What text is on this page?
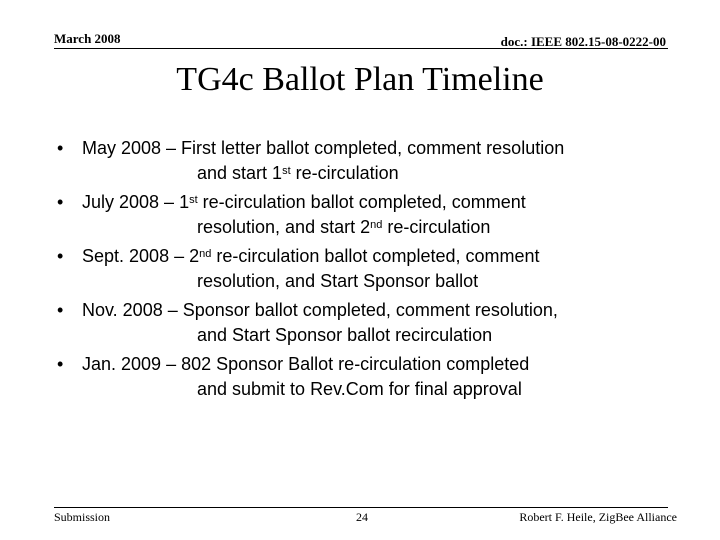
March 2008	doc.: IEEE 802.15-08-0222-00
TG4c Ballot Plan Timeline
• May 2008 – First letter ballot completed, comment resolution
and start 1st re-circulation
• July 2008 – 1st re-circulation ballot completed, comment
resolution, and start 2nd re-circulation
• Sept. 2008 – 2nd re-circulation ballot completed, comment
resolution, and Start Sponsor ballot
• Nov. 2008 – Sponsor ballot completed, comment resolution,
and Start Sponsor ballot recirculation
• Jan. 2009 – 802 Sponsor Ballot re-circulation completed
and submit to Rev.Com for final approval
Submission	24	Robert F. Heile, ZigBee Alliance
